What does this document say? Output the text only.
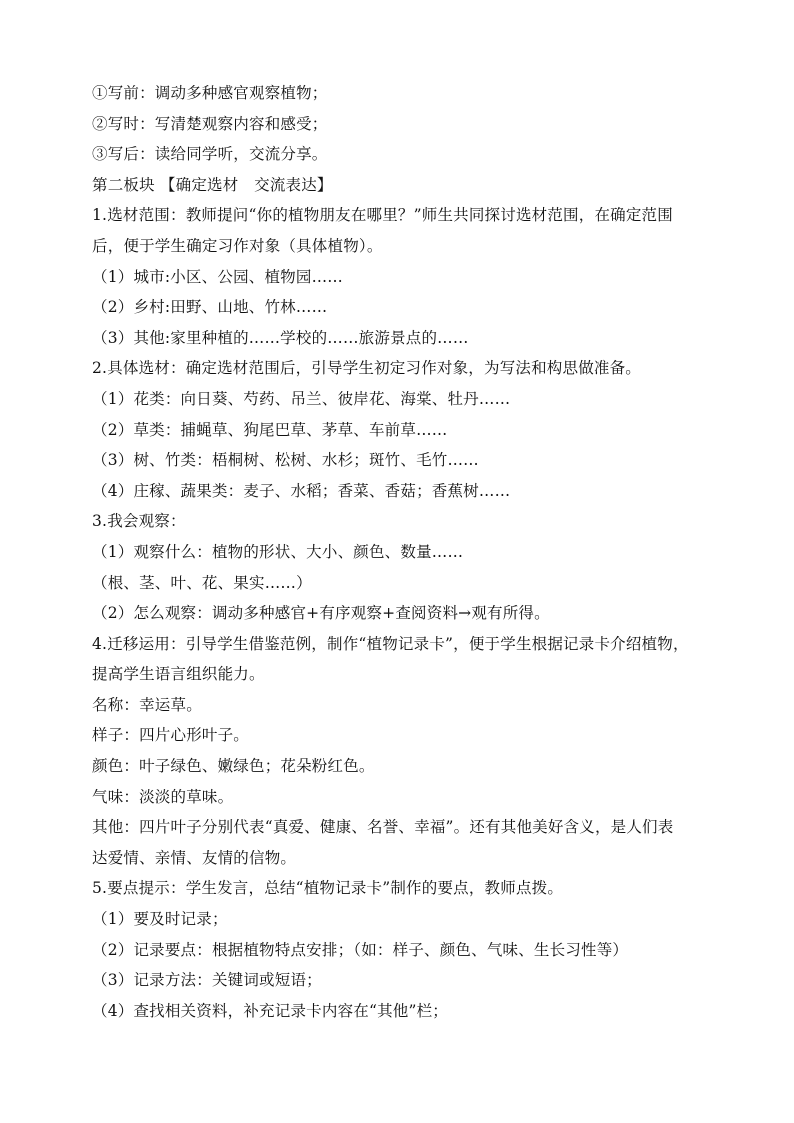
①写前：调动多种感官观察植物；
②写时：写清楚观察内容和感受；
③写后：读给同学听，交流分享。
第二板块 【确定选材　交流表达】
1.选材范围：教师提问“你的植物朋友在哪里？”师生共同探讨选材范围，在确定范围
后，便于学生确定习作对象（具体植物）。
（1）城市:小区、公园、植物园……
（2）乡村:田野、山地、竹林……
（3）其他:家里种植的……学校的……旅游景点的……
2.具体选材：确定选材范围后，引导学生初定习作对象，为写法和构思做准备。
（1）花类：向日葵、芍药、吊兰、彼岸花、海棠、牡丹……
（2）草类：捕蝇草、狗尾巴草、茅草、车前草……
（3）树、竹类：梧桐树、松树、水杉；斑竹、毛竹……
（4）庄稼、蔬果类：麦子、水稻；香菜、香菇；香蕉树……
3.我会观察：
（1）观察什么：植物的形状、大小、颜色、数量……
（根、茎、叶、花、果实……）
（2）怎么观察：调动多种感官+有序观察+查阅资料→观有所得。
4.迁移运用：引导学生借鉴范例，制作“植物记录卡”，便于学生根据记录卡介绍植物，
提高学生语言组织能力。
名称：幸运草。
样子：四片心形叶子。
颜色：叶子绿色、嫩绿色；花朵粉红色。
气味：淡淡的草味。
其他：四片叶子分别代表“真爱、健康、名誉、幸福”。还有其他美好含义，是人们表
达爱情、亲情、友情的信物。
5.要点提示：学生发言，总结“植物记录卡”制作的要点，教师点拨。
（1）要及时记录；
（2）记录要点：根据植物特点安排；（如：样子、颜色、气味、生长习性等）
（3）记录方法：关键词或短语；
（4）查找相关资料，补充记录卡内容在“其他”栏；
